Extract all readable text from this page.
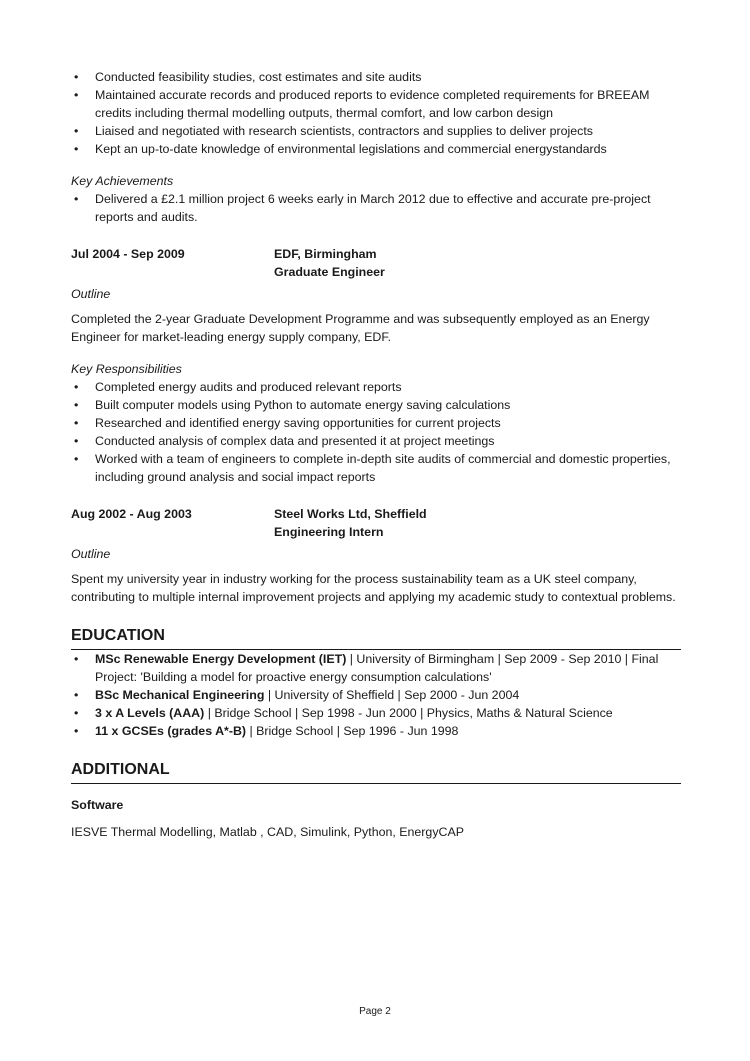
• Conducted feasibility studies, cost estimates and site audits
• Maintained accurate records and produced reports to evidence completed requirements for BREEAM credits including thermal modelling outputs, thermal comfort, and low carbon design
• Liaised and negotiated with research scientists, contractors and supplies to deliver projects
• Kept an up-to-date knowledge of environmental legislations and commercial energystandards
Key Achievements
• Delivered a £2.1 million project 6 weeks early in March 2012 due to effective and accurate pre-project reports and audits.
Jul 2004 - Sep 2009	EDF, Birmingham
Graduate Engineer
Outline

Completed the 2-year Graduate Development Programme and was subsequently employed as an Energy Engineer for market-leading energy supply company, EDF.

Key Responsibilities
• Completed energy audits and produced relevant reports
• Built computer models using Python to automate energy saving calculations
• Researched and identified energy saving opportunities for current projects
• Conducted analysis of complex data and presented it at project meetings
• Worked with a team of engineers to complete in-depth site audits of commercial and domestic properties, including ground analysis and social impact reports
Aug 2002 - Aug 2003	Steel Works Ltd, Sheffield
Engineering Intern
Outline

Spent my university year in industry working for the process sustainability team as a UK steel company, contributing to multiple internal improvement projects and applying my academic study to contextual problems.

EDUCATION
• MSc Renewable Energy Development (IET) | University of Birmingham | Sep 2009 - Sep 2010 | Final Project: 'Building a model for proactive energy consumption calculations'
• BSc Mechanical Engineering | University of Sheffield | Sep 2000 - Jun 2004
• 3 x A Levels (AAA) | Bridge School | Sep 1998 - Jun 2000 | Physics, Maths & Natural Science
• 11 x GCSEs (grades A*-B) | Bridge School | Sep 1996 - Jun 1998
ADDITIONAL
Software

IESVE Thermal Modelling, Matlab , CAD, Simulink, Python, EnergyCAP

Page 2
